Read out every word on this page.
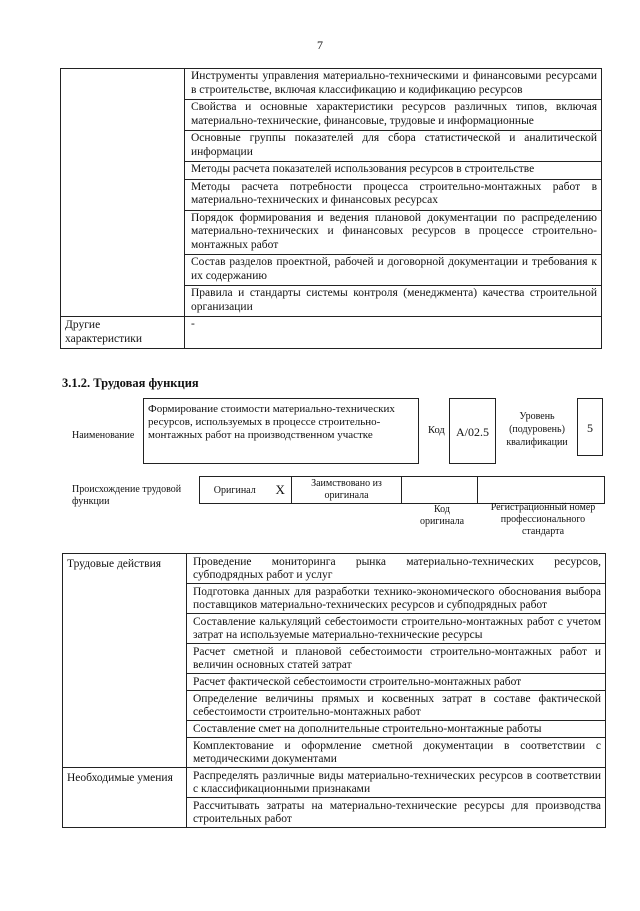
7
	Инструменты управления материально-техническими и финансовыми ресурсами в строительстве, включая классификацию и кодификацию ресурсов
	Свойства и основные характеристики ресурсов различных типов, включая материально-технические, финансовые, трудовые и информационные
	Основные группы показателей для сбора статистической и аналитической информации
	Методы расчета показателей использования ресурсов в строительстве
	Методы расчета потребности процесса строительно-монтажных работ в материально-технических и финансовых ресурсах
	Порядок формирования и ведения плановой документации по распределению материально-технических и финансовых ресурсов в процессе строительно-монтажных работ
	Состав разделов проектной, рабочей и договорной документации и требования к их содержанию
	Правила и стандарты системы контроля (менеджмента) качества строительной организации
Другие характеристики	-
3.1.2. Трудовая функция
Наименование
Формирование стоимости материально-технических ресурсов, используемых в процессе строительно-монтажных работ на производственном участке	Код А/02.5
Уровень (подуровень) квалификации
5
Происхождение трудовой функции
Оригинал	X	Заимствовано из оригинала		
Код оригинала
Регистрационный номер профессионального стандарта
Трудовые действия	Проведение мониторинга рынка материально-технических ресурсов, субподрядных работ и услуг
	Подготовка данных для разработки технико-экономического обоснования выбора поставщиков материально-технических ресурсов и субподрядных работ
	Составление калькуляций себестоимости строительно-монтажных работ с учетом затрат на используемые материально-технические ресурсы
	Расчет сметной и плановой себестоимости строительно-монтажных работ и величин основных статей затрат
	Расчет фактической себестоимости строительно-монтажных работ
	Определение величины прямых и косвенных затрат в составе фактической себестоимости строительно-монтажных работ
	Составление смет на дополнительные строительно-монтажные работы
	Комплектование и оформление сметной документации в соответствии с методическими документами
Необходимые умения	Распределять различные виды материально-технических ресурсов в соответствии с классификационными признаками
	Рассчитывать затраты на материально-технические ресурсы для производства строительных работ
